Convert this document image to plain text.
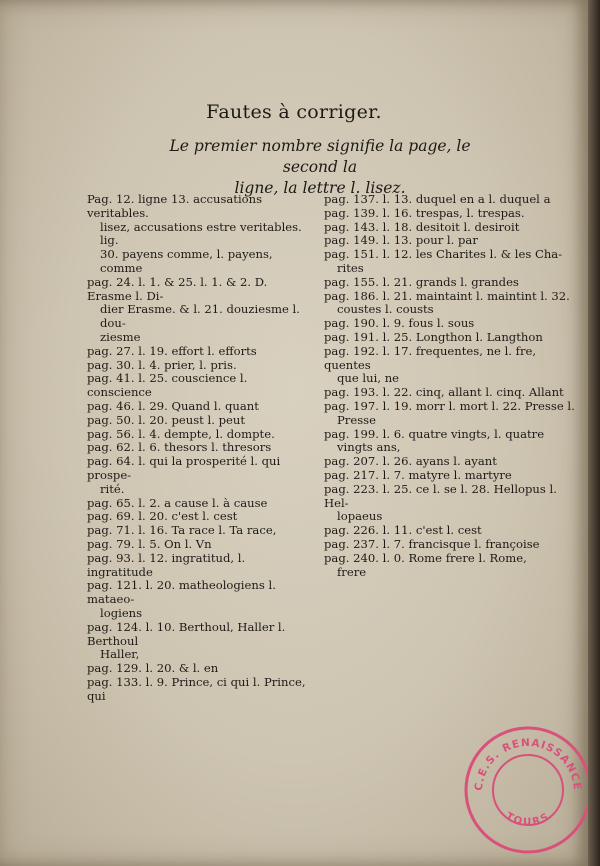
Fautes à corriger.
Le premier nombre signifie la page, le second la
ligne, la lettre l. lisez.
Pag. 12. ligne 13. accusations veritables.
lisez, accusations estre veritables. lig.
30. payens comme, l. payens, comme
pag. 24. l. 1. & 25. l. 1. & 2. D. Erasme l. Di-
dier Erasme. & l. 21. douziesme l. dou-
ziesme
pag. 27. l. 19. effort l. efforts
pag. 30. l. 4. prier, l. pris.
pag. 41. l. 25. couscience l. conscience
pag. 46. l. 29. Quand l. quant
pag. 50. l. 20. peust l. peut
pag. 56. l. 4. dempte, l. dompte.
pag. 62. l. 6. thesors l. thresors
pag. 64. l. qui la prosperité l. qui prospe-
rité.
pag. 65. l. 2. a cause l. à cause
pag. 69. l. 20. c'est l. cest
pag. 71. l. 16. Ta race l. Ta race,
pag. 79. l. 5. On l. Vn
pag. 93. l. 12. ingratitud, l. ingratitude
pag. 121. l. 20. matheologiens l. mataeo-
logiens
pag. 124. l. 10. Berthoul, Haller l. Berthoul
Haller,
pag. 129. l. 20. & l. en
pag. 133. l. 9. Prince, ci qui l. Prince, qui
pag. 137. l. 13. duquel en a l. duquel a
pag. 139. l. 16. trespas, l. trespas.
pag. 143. l. 18. desitoit l. desiroit
pag. 149. l. 13. pour l. par
pag. 151. l. 12. les Charites l. & les Cha-
rites
pag. 155. l. 21. grands l. grandes
pag. 186. l. 21. maintaint l. maintint l. 32.
coustes l. cousts
pag. 190. l. 9. fous l. sous
pag. 191. l. 25. Longthon l. Langthon
pag. 192. l. 17. frequentes, ne l. fre, quentes
que lui, ne
pag. 193. l. 22. cinq, allant l. cinq. Allant
pag. 197. l. 19. morr l. mort l. 22. Presse l.
Presse
pag. 199. l. 6. quatre vingts, l. quatre
vingts ans,
pag. 207. l. 26. ayans l. ayant
pag. 217. l. 7. matyre l. martyre
pag. 223. l. 25. ce l. se l. 28. Hellopus l. Hel-
lopaeus
pag. 226. l. 11. c'est l. cest
pag. 237. l. 7. francisque l. françoise
pag. 240. l. 0. Rome frere l. Rome,
frere
C.E.S. RENAISSANCE
TOURS
